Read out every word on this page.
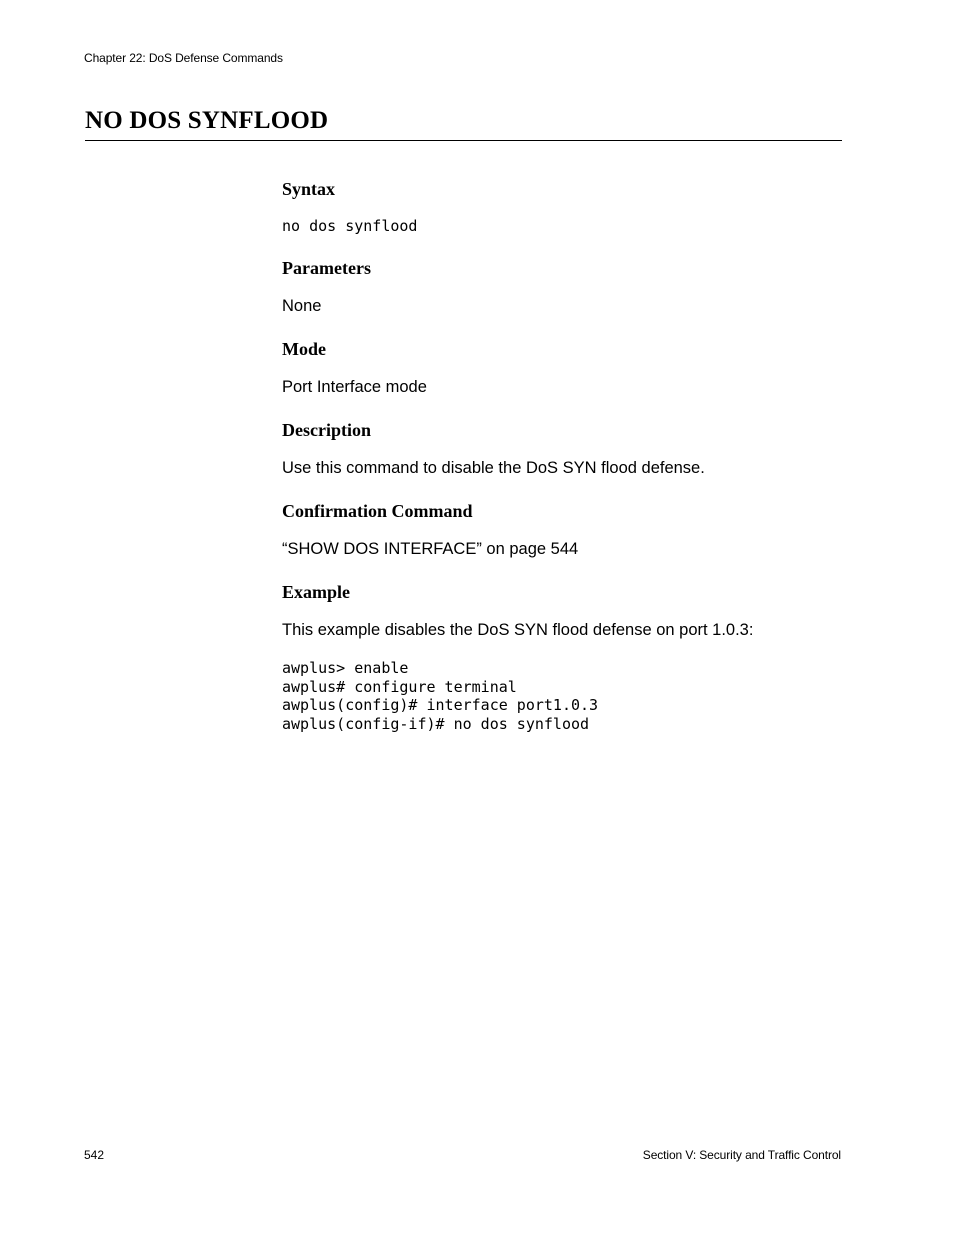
Chapter 22: DoS Defense Commands
NO DOS SYNFLOOD
Syntax
no dos synflood
Parameters

None

Mode

Port Interface mode

Description

Use this command to disable the DoS SYN flood defense.

Confirmation Command

“SHOW DOS INTERFACE” on page 544

Example

This example disables the DoS SYN flood defense on port 1.0.3:

awplus> enable
awplus# configure terminal
awplus(config)# interface port1.0.3
awplus(config-if)# no dos synflood
542	Section V: Security and Traffic Control
